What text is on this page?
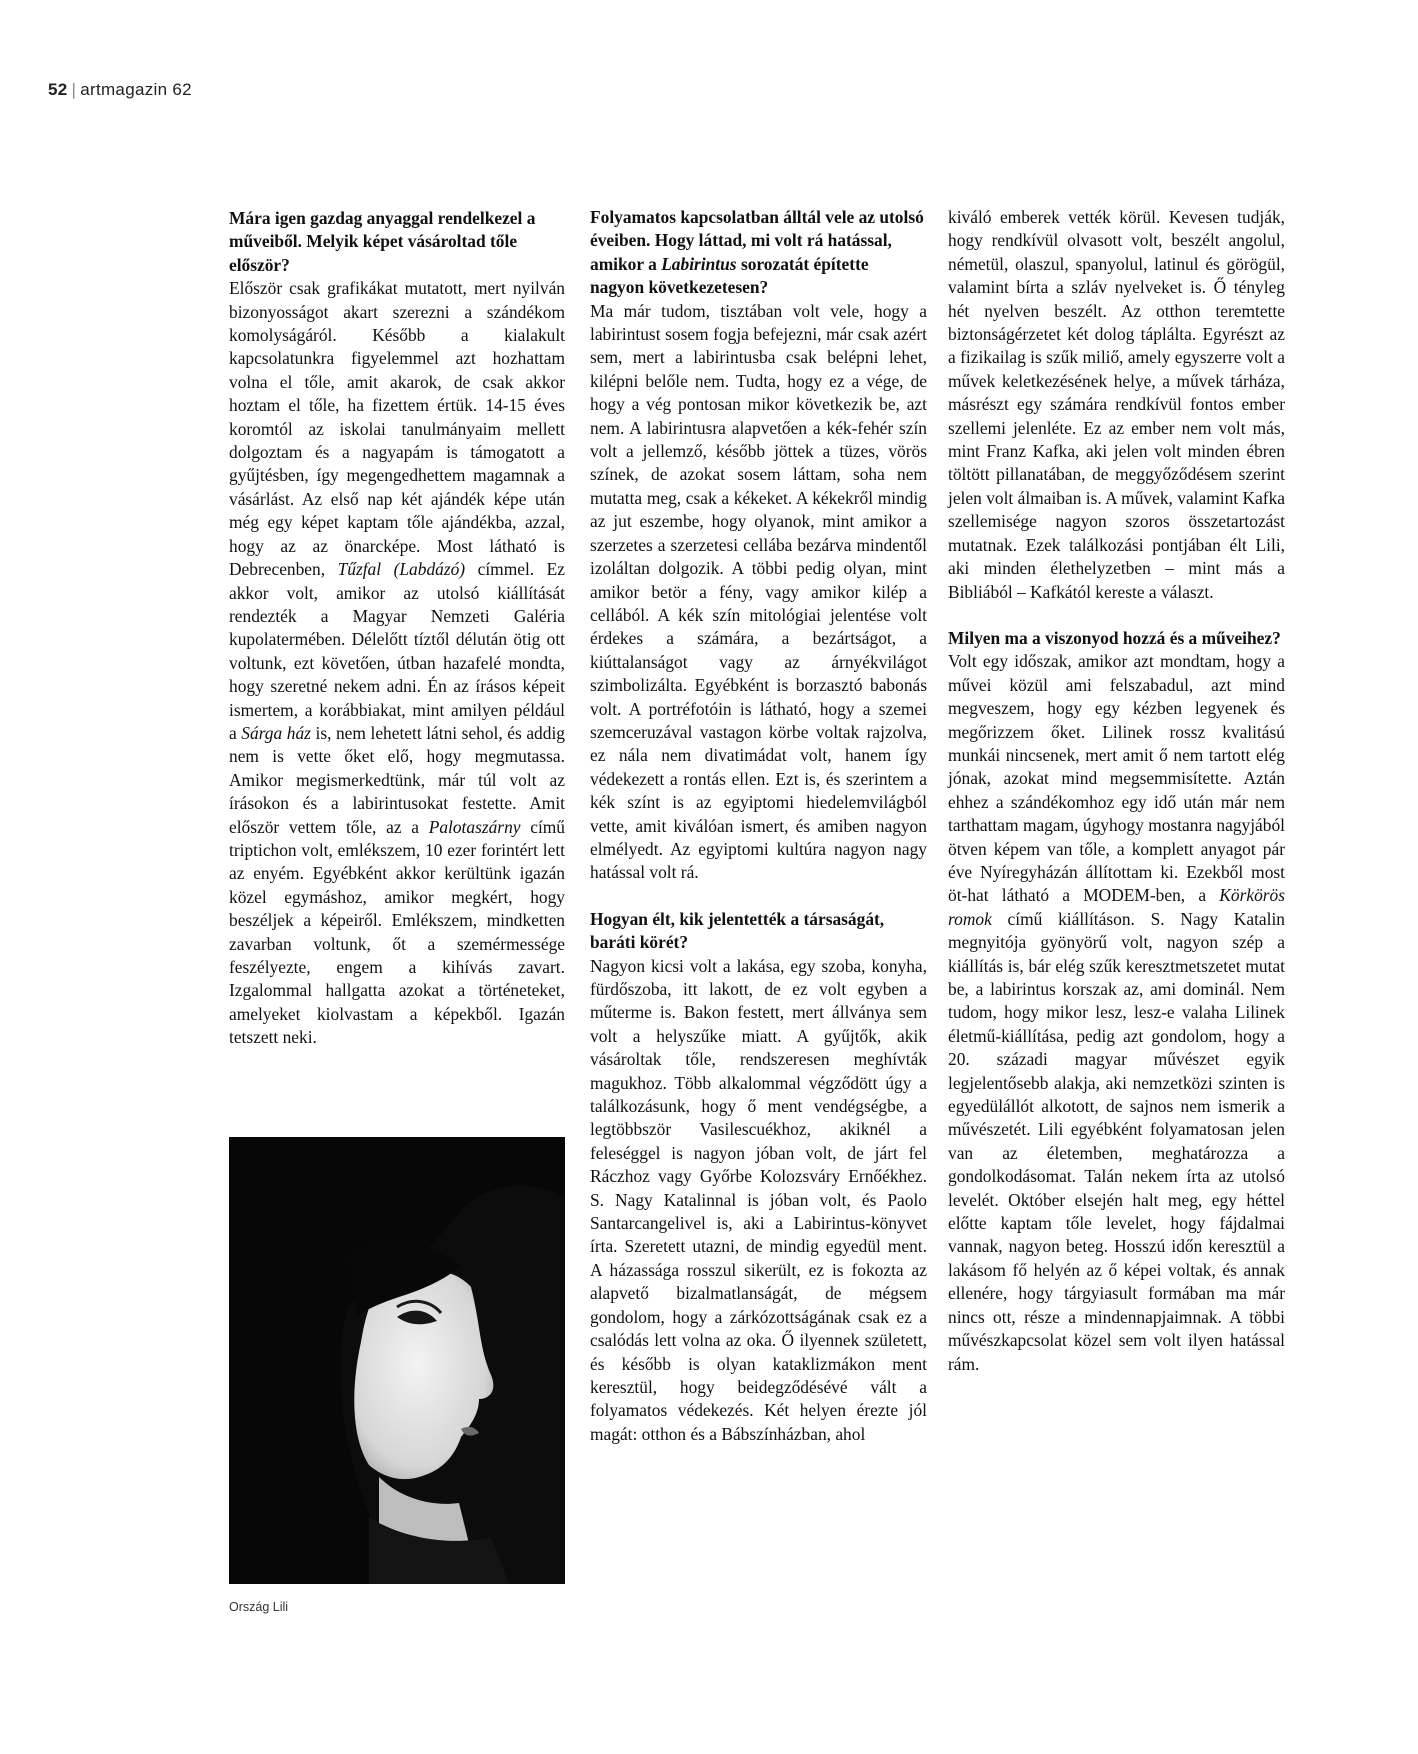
52 | artmagazin 62

Mára igen gazdag anyaggal rendelkezel a műveiből. Melyik képet vásároltad tőle először?

Először csak grafikákat mutatott, mert nyilván bizonyosságot akart szerezni a szándékom komolyságáról. Később a kialakult kapcsolatunkra figyelemmel azt hozhattam volna el tőle, amit akarok, de csak akkor hoztam el tőle, ha fizettem értük. 14-15 éves koromtól az iskolai tanulmányaim mellett dolgoztam és a nagyapám is támogatott a gyűjtésben, így megengedhettem magamnak a vásárlást. Az első nap két ajándék képe után még egy képet kaptam tőle ajándékba, azzal, hogy az az önarcképe. Most látható is Debrecenben, Tűzfal (Labdázó) címmel. Ez akkor volt, amikor az utolsó kiállítását rendezték a Magyar Nemzeti Galéria kupolatermében. Délelőtt tíztől délután ötig ott voltunk, ezt követően, útban hazafelé mondta, hogy szeretné nekem adni. Én az írásos képeit ismertem, a korábbiakat, mint amilyen például a Sárga ház is, nem lehetett látni sehol, és addig nem is vette őket elő, hogy megmutassa. Amikor megismerkedtünk, már túl volt az írásokon és a labirintusokat festette. Amit először vettem tőle, az a Palotaszárny című triptichon volt, emlékszem, 10 ezer forintért lett az enyém. Egyébként akkor kerültünk igazán közel egymáshoz, amikor megkért, hogy beszéljek a képeiről. Emlékszem, mindketten zavarban voltunk, őt a szemérmessége feszélyezte, engem a kihívás zavart. Izgalommal hallgatta azokat a történeteket, amelyeket kiolvastam a képekből. Igazán tetszett neki.

Ország Lili

Folyamatos kapcsolatban álltál vele az utolsó éveiben. Hogy láttad, mi volt rá hatással, amikor a Labirintus sorozatát építette nagyon következetesen?

Ma már tudom, tisztában volt vele, hogy a labirintust sosem fogja befejezni, már csak azért sem, mert a labirintusba csak belépni lehet, kilépni belőle nem. Tudta, hogy ez a vége, de hogy a vég pontosan mikor következik be, azt nem. A labirintusra alapvetően a kék-fehér szín volt a jellemző, később jöttek a tüzes, vörös színek, de azokat sosem láttam, soha nem mutatta meg, csak a kékeket. A kékekről mindig az jut eszembe, hogy olyanok, mint amikor a szerzetes a szerzetesi cellába bezárva mindentől izoláltan dolgozik. A többi pedig olyan, mint amikor betör a fény, vagy amikor kilép a cellából. A kék szín mitológiai jelentése volt érdekes a számára, a bezártságot, a kiúttalanságot vagy az árnyékvilágot szimbolizálta. Egyébként is borzasztó babonás volt. A portréfotóin is látható, hogy a szemei szemceruzával vastagon körbe voltak rajzolva, ez nála nem divatimádat volt, hanem így védekezett a rontás ellen. Ezt is, és szerintem a kék színt is az egyiptomi hiedelemvilágból vette, amit kiválóan ismert, és amiben nagyon elmélyedt. Az egyiptomi kultúra nagyon nagy hatással volt rá.

Hogyan élt, kik jelentették a társaságát, baráti körét?

Nagyon kicsi volt a lakása, egy szoba, konyha, fürdőszoba, itt lakott, de ez volt egyben a műterme is. Bakon festett, mert állványa sem volt a helyszűke miatt. A gyűjtők, akik vásároltak tőle, rendszeresen meghívták magukhoz. Több alkalommal végződött úgy a találkozásunk, hogy ő ment vendégségbe, a legtöbbször Vasilescuékhoz, akiknél a feleséggel is nagyon jóban volt, de járt fel Ráczhoz vagy Győrbe Kolozsváry Ernőékhez. S. Nagy Katalinnal is jóban volt, és Paolo Santarcangelivel is, aki a Labirintus-könyvet írta. Szeretett utazni, de mindig egyedül ment. A házassága rosszul sikerült, ez is fokozta az alapvető bizalmatlanságát, de mégsem gondolom, hogy a zárkózottságának csak ez a csalódás lett volna az oka. Ő ilyennek született, és később is olyan kataklizmákon ment keresztül, hogy beidegződésévé vált a folyamatos védekezés. Két helyen érezte jól magát: otthon és a Bábszínházban, ahol

kiváló emberek vették körül. Kevesen tudják, hogy rendkívül olvasott volt, beszélt angolul, németül, olaszul, spanyolul, latinul és görögül, valamint bírta a szláv nyelveket is. Ő tényleg hét nyelven beszélt. Az otthon teremtette biztonságérzetet két dolog táplálta. Egyrészt az a fizikailag is szűk miliő, amely egyszerre volt a művek keletkezésének helye, a művek tárháza, másrészt egy számára rendkívül fontos ember szellemi jelenléte. Ez az ember nem volt más, mint Franz Kafka, aki jelen volt minden ébren töltött pillanatában, de meggyőződésem szerint jelen volt álmaiban is. A művek, valamint Kafka szellemisége nagyon szoros összetartozást mutatnak. Ezek találkozási pontjában élt Lili, aki minden élethelyzetben – mint más a Bibliából – Kafkától kereste a választ.

Milyen ma a viszonyod hozzá és a műveihez?

Volt egy időszak, amikor azt mondtam, hogy a művei közül ami felszabadul, azt mind megveszem, hogy egy kézben legyenek és megőrizzem őket. Lilinek rossz kvalitású munkái nincsenek, mert amit ő nem tartott elég jónak, azokat mind megsemmisítette. Aztán ehhez a szándékomhoz egy idő után már nem tarthattam magam, úgyhogy mostanra nagyjából ötven képem van tőle, a komplett anyagot pár éve Nyíregyházán állítottam ki. Ezekből most öt-hat látható a MODEM-ben, a Körkörös romok című kiállításon. S. Nagy Katalin megnyitója gyönyörű volt, nagyon szép a kiállítás is, bár elég szűk keresztmetszetet mutat be, a labirintus korszak az, ami dominál. Nem tudom, hogy mikor lesz, lesz-e valaha Lilinek életmű-kiállítása, pedig azt gondolom, hogy a 20. századi magyar művészet egyik legjelentősebb alakja, aki nemzetközi szinten is egyedülállót alkotott, de sajnos nem ismerik a művészetét. Lili egyébként folyamatosan jelen van az életemben, meghatározza a gondolkodásomat. Talán nekem írta az utolsó levelét. Október elsején halt meg, egy héttel előtte kaptam tőle levelet, hogy fájdalmai vannak, nagyon beteg. Hosszú időn keresztül a lakásom fő helyén az ő képei voltak, és annak ellenére, hogy tárgyiasult formában ma már nincs ott, része a mindennapjaimnak. A többi művészkapcsolat közel sem volt ilyen hatással rám.
